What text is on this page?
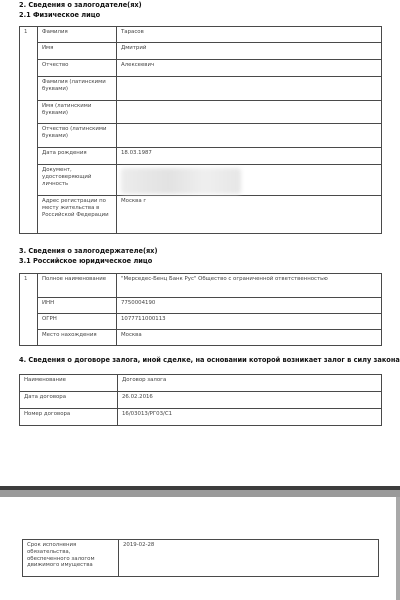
2. Сведения о залогодателе(ях)
2.1 Физическое лицо
1	Фамилия	Тарасов
	Имя	Дмитрий
	Отчество	Алексеевич
	Фамилия (латинскими буквами)	
	Имя (латинскими буквами)	
	Отчество (латинскими буквами)	
	Дата рождения	18.03.1987
	Документ, удостоверяющий личность	
	Адрес регистрации по месту жительства в Российской Федерации	Москва г
3. Сведения о залогодержателе(ях)
3.1 Российское юридическое лицо
1	Полное наименование	"Мерседес-Бенц Банк Рус" Общество с ограниченной ответственностью
	ИНН	7750004190
	ОГРН	1077711000113
	Место нахождения	Москва
4. Сведения о договоре залога, иной сделке, на основании которой возникает залог в силу закона
Наименование	Договор залога
Дата договора	26.02.2016
Номер договора	16/03013/PГ03/С1
Срок исполнения обязательства, обеспеченного залогом движимого имущества	2019-02-28
